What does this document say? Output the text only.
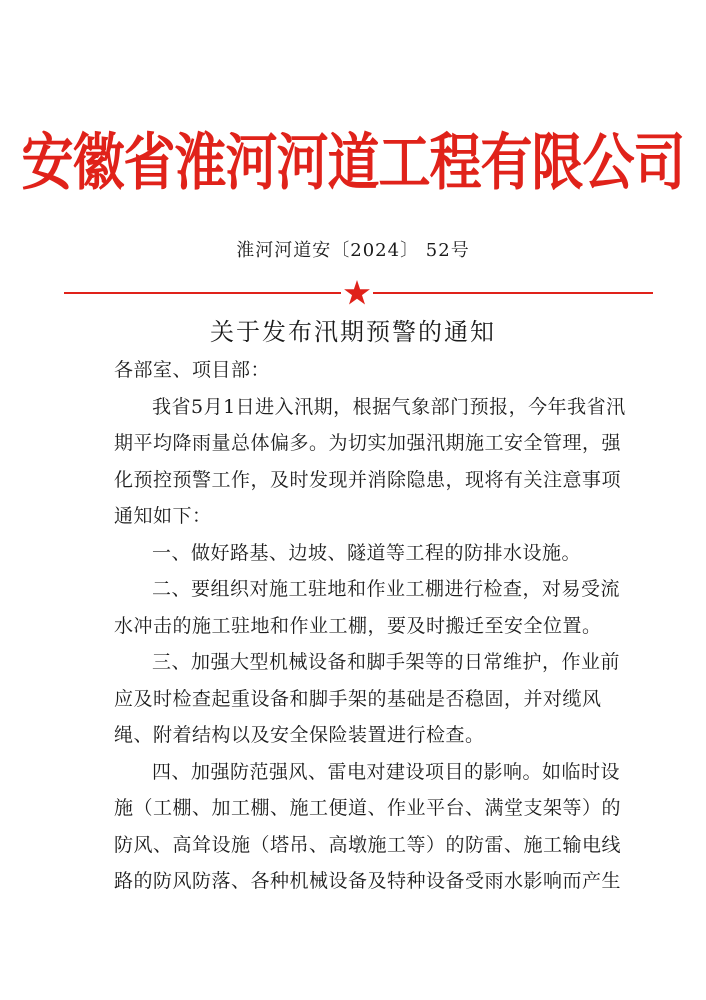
安徽省淮河河道工程有限公司
淮河河道安〔2024〕 52号
关于发布汛期预警的通知

各部室、项目部：

我省5月1日进入汛期，根据气象部门预报，今年我省汛期平均降雨量总体偏多。为切实加强汛期施工安全管理，强化预控预警工作，及时发现并消除隐患，现将有关注意事项通知如下：

一、做好路基、边坡、隧道等工程的防排水设施。

二、要组织对施工驻地和作业工棚进行检查，对易受流水冲击的施工驻地和作业工棚，要及时搬迁至安全位置。

三、加强大型机械设备和脚手架等的日常维护，作业前应及时检查起重设备和脚手架的基础是否稳固，并对缆风绳、附着结构以及安全保险装置进行检查。

四、加强防范强风、雷电对建设项目的影响。如临时设施（工棚、加工棚、施工便道、作业平台、满堂支架等）的防风、高耸设施（塔吊、高墩施工等）的防雷、施工输电线路的防风防落、各种机械设备及特种设备受雨水影响而产生
